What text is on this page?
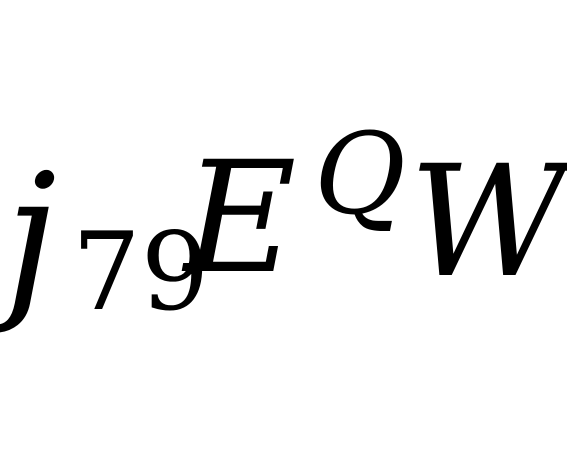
j 79
E Q W
